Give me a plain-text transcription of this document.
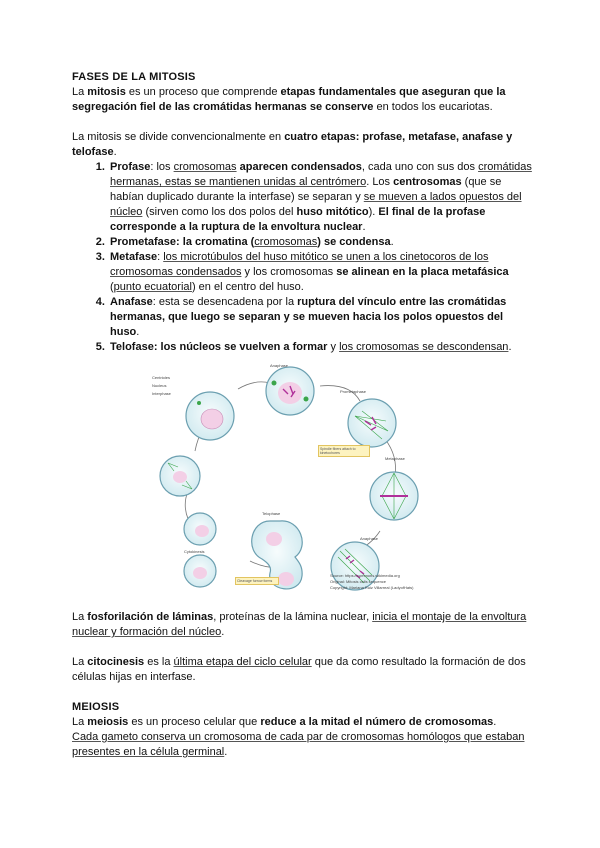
FASES DE LA MITOSIS

La mitosis es un proceso que comprende etapas fundamentales que aseguran que la segregación fiel de las cromátidas hermanas se conserve en todos los eucariotas.

La mitosis se divide convencionalmente en cuatro etapas: profase, metafase, anafase y telofase.

1. Profase: los cromosomas aparecen condensados, cada uno con sus dos cromátidas hermanas, estas se mantienen unidas al centrómero. Los centrosomas (que se habían duplicado durante la interfase) se separan y se mueven a lados opuestos del núcleo (sirven como los dos polos del huso mitótico). El final de la profase corresponde a la ruptura de la envoltura nuclear.
2. Prometafase: la cromatina (cromosomas) se condensa.
3. Metafase: los microtúbulos del huso mitótico se unen a los cinetocoros de los cromosomas condensados y los cromosomas se alinean en la placa metafásica (punto ecuatorial) en el centro del huso.
4. Anafase: esta se desencadena por la ruptura del vínculo entre las cromátidas hermanas, que luego se separan y se mueven hacia los polos opuestos del huso.
5. Telofase: los núcleos se vuelven a formar y los cromosomas se descondensan.
Anaphase
Prometaphase
Centrioles
Interphase
Nucleus
Metaphase
Anaphase
Telophase
Cytokinesis
Spindle fibers attach to kinetochores
Cleavage furrow forms
Source: https://commons.wikimedia.org
Original: Mitosis cells sequence
Copyright: Mariana Ruiz Villarreal (LadyofHats)

La fosforilación de láminas, proteínas de la lámina nuclear, inicia el montaje de la envoltura nuclear y formación del núcleo.

La citocinesis es la última etapa del ciclo celular que da como resultado la formación de dos células hijas en interfase.

MEIOSIS

La meiosis es un proceso celular que reduce a la mitad el número de cromosomas.
Cada gameto conserva un cromosoma de cada par de cromosomas homólogos que estaban presentes en la célula germinal.
